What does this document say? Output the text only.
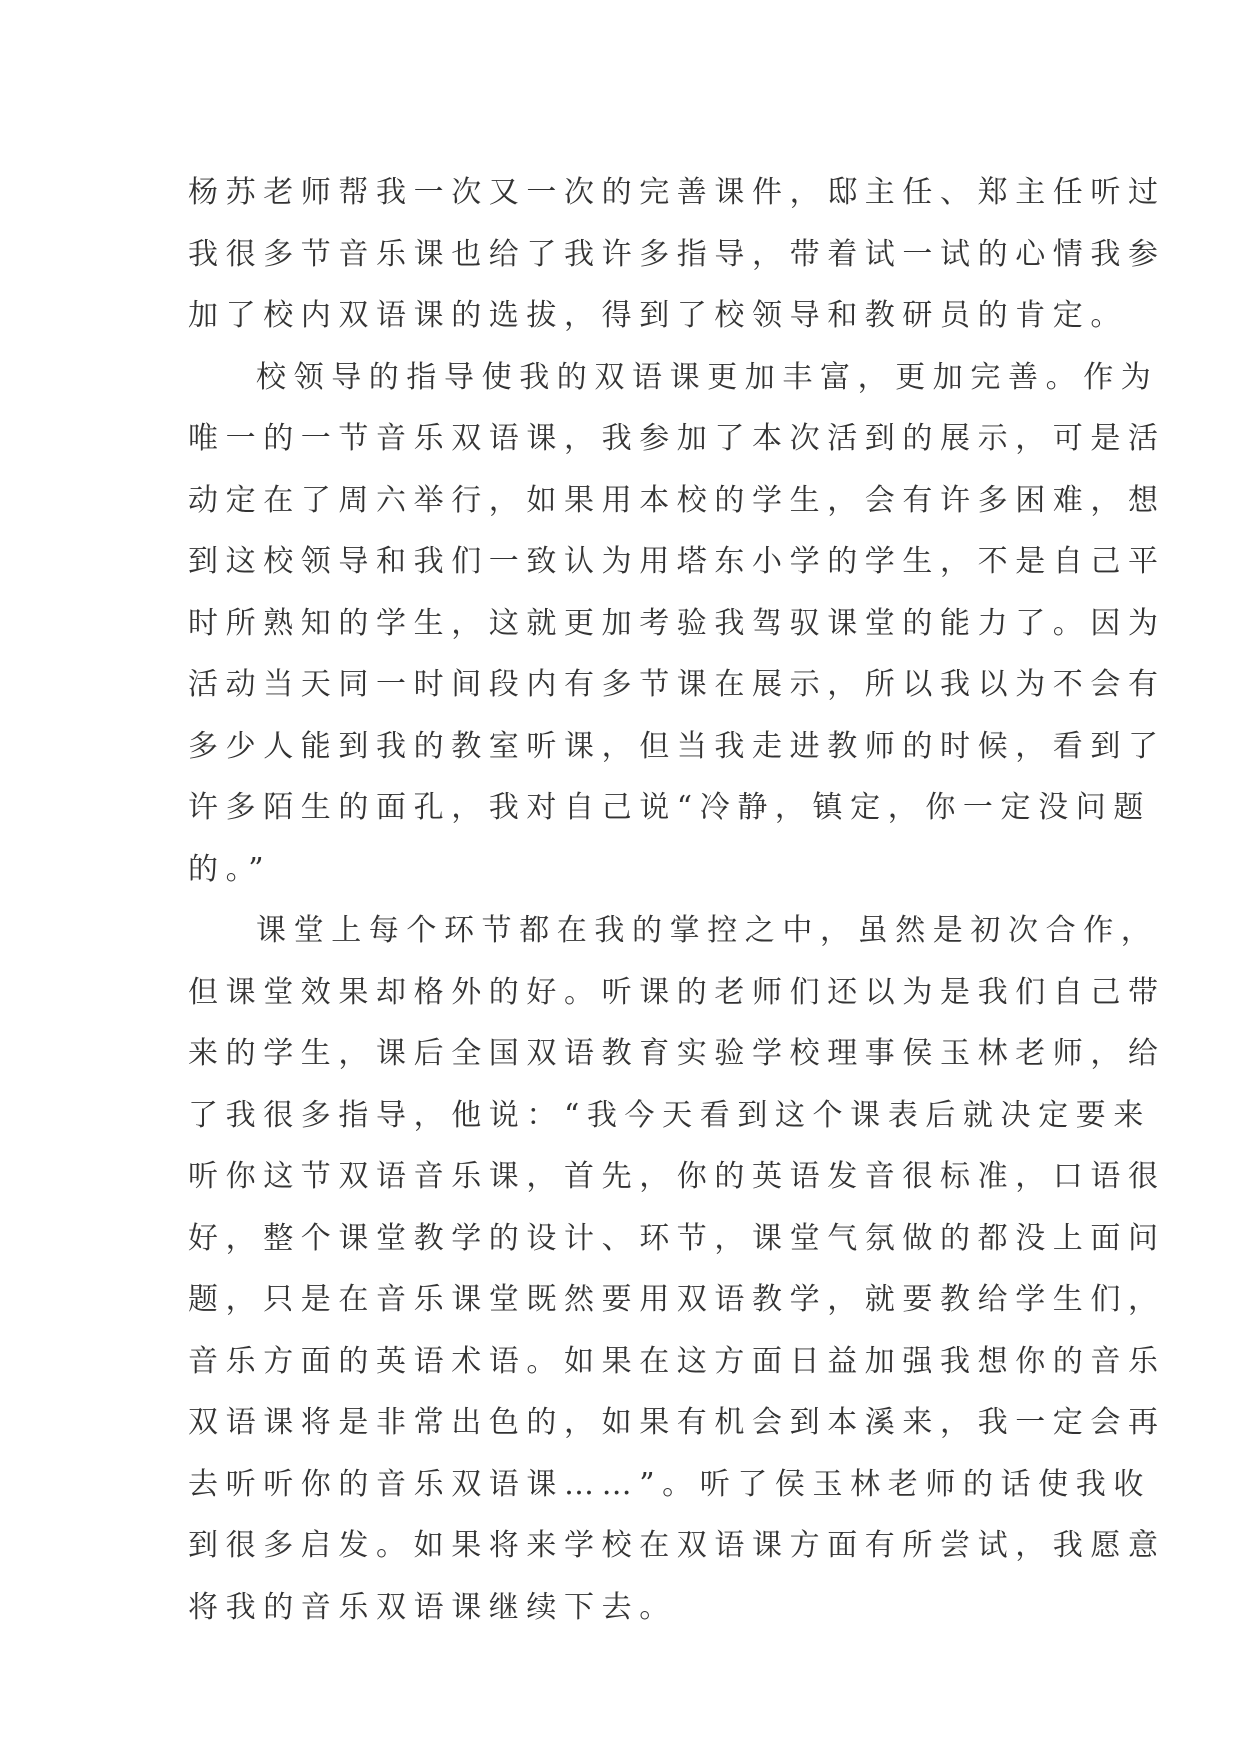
杨苏老师帮我一次又一次的完善课件，邸主任、郑主任听过
我很多节音乐课也给了我许多指导，带着试一试的心情我参
加了校内双语课的选拔，得到了校领导和教研员的肯定。
校领导的指导使我的双语课更加丰富，更加完善。作为
唯一的一节音乐双语课，我参加了本次活到的展示，可是活
动定在了周六举行，如果用本校的学生，会有许多困难，想
到这校领导和我们一致认为用塔东小学的学生，不是自己平
时所熟知的学生，这就更加考验我驾驭课堂的能力了。因为
活动当天同一时间段内有多节课在展示，所以我以为不会有
多少人能到我的教室听课，但当我走进教师的时候，看到了
许多陌生的面孔，我对自己说“冷静，镇定，你一定没问题
的。”
课堂上每个环节都在我的掌控之中，虽然是初次合作，
但课堂效果却格外的好。听课的老师们还以为是我们自己带
来的学生，课后全国双语教育实验学校理事侯玉林老师，给
了我很多指导，他说：“我今天看到这个课表后就决定要来
听你这节双语音乐课，首先，你的英语发音很标准，口语很
好，整个课堂教学的设计、环节，课堂气氛做的都没上面问
题，只是在音乐课堂既然要用双语教学，就要教给学生们，
音乐方面的英语术语。如果在这方面日益加强我想你的音乐
双语课将是非常出色的，如果有机会到本溪来，我一定会再
去听听你的音乐双语课……”。听了侯玉林老师的话使我收
到很多启发。如果将来学校在双语课方面有所尝试，我愿意
将我的音乐双语课继续下去。
